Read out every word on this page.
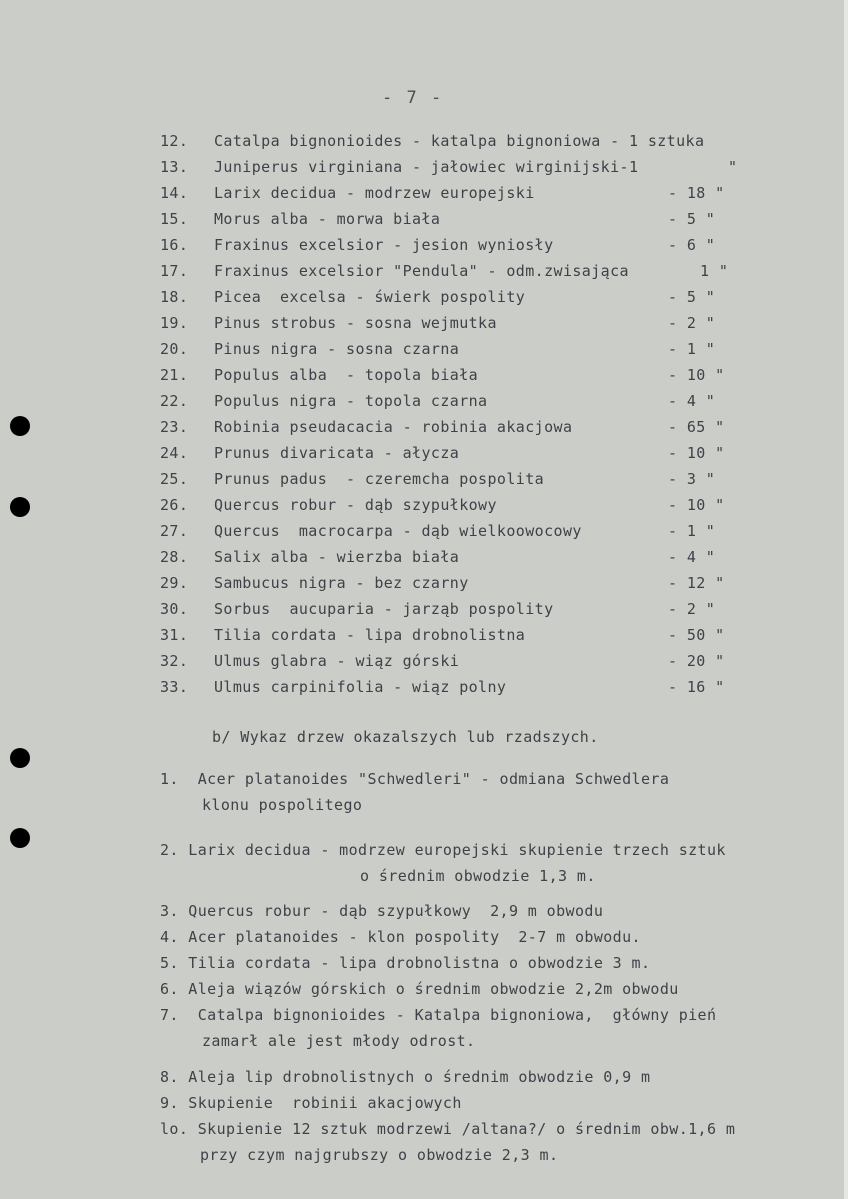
- 7 -
12. Catalpa bignonioides - katalpa bignoniowa - 1 sztuka
13. Juniperus virginiana - jałowiec wirginijski-1	"
14. Larix decidua - modrzew europejski	- 18 "
15. Morus alba - morwa biała	- 5 "
16. Fraxinus excelsior - jesion wyniosły	- 6 "
17. Fraxinus excelsior "Pendula" - odm.zwisająca	1 "
18. Picea  excelsa - świerk pospolity	- 5 "
19. Pinus strobus - sosna wejmutka	- 2 "
20. Pinus nigra - sosna czarna	- 1 "
21. Populus alba  - topola biała	- 10 "
22. Populus nigra - topola czarna	- 4 "
23. Robinia pseudacacia - robinia akacjowa	- 65 "
24. Prunus divaricata - ałycza	- 10 "
25. Prunus padus  - czeremcha pospolita	- 3 "
26. Quercus robur - dąb szypułkowy	- 10 "
27. Quercus  macrocarpa - dąb wielkoowocowy	- 1 "
28. Salix alba - wierzba biała	- 4 "
29. Sambucus nigra - bez czarny	- 12 "
30. Sorbus  aucuparia - jarząb pospolity	- 2 "
31. Tilia cordata - lipa drobnolistna	- 50 "
32. Ulmus glabra - wiąz górski	- 20 "
33. Ulmus carpinifolia - wiąz polny	- 16 "
b/ Wykaz drzew okazalszych lub rzadszych.
1.  Acer platanoides "Schwedleri" - odmiana Schwedlera
klonu pospolitego
2. Larix decidua - modrzew europejski skupienie trzech sztuk
o średnim obwodzie 1,3 m.
3. Quercus robur - dąb szypułkowy  2,9 m obwodu
4. Acer platanoides - klon pospolity  2-7 m obwodu.
5. Tilia cordata - lipa drobnolistna o obwodzie 3 m.
6. Aleja wiązów górskich o średnim obwodzie 2,2m obwodu
7.  Catalpa bignonioides - Katalpa bignoniowa,  główny pień
zamarł ale jest młody odrost.
8. Aleja lip drobnolistnych o średnim obwodzie 0,9 m
9. Skupienie  robinii akacjowych
lo. Skupienie 12 sztuk modrzewi /altana?/ o średnim obw.1,6 m
przy czym najgrubszy o obwodzie 2,3 m.
